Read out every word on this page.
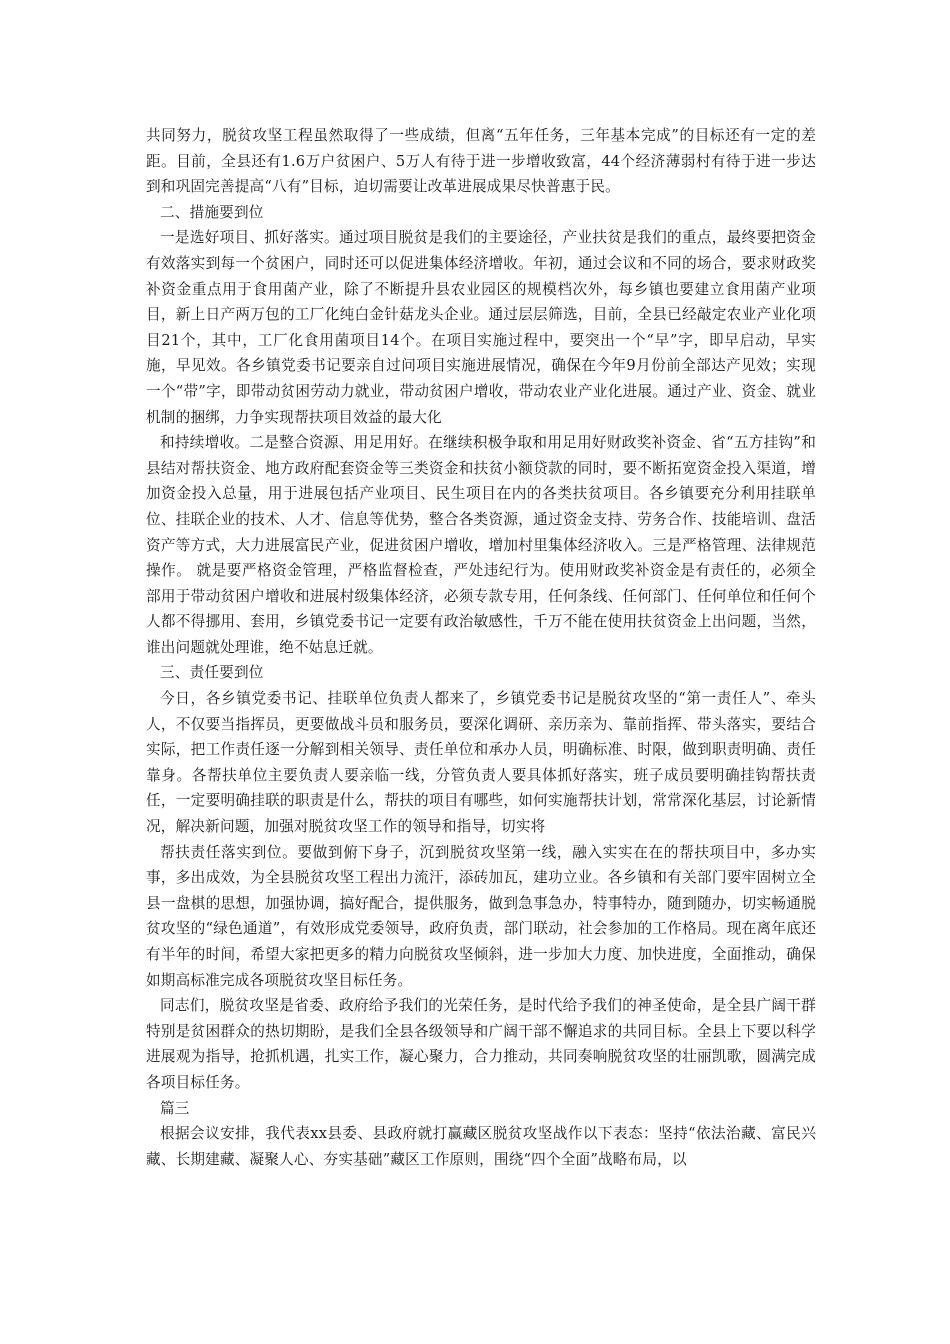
共同努力，脱贫攻坚工程虽然取得了一些成绩，但离“五年任务，三年基本完成”的目标还有一定的差距。目前，全县还有1.6万户贫困户、5万人有待于进一步增收致富，44个经济薄弱村有待于进一步达到和巩固完善提高“八有”目标，迫切需要让改革进展成果尽快普惠于民。

二、措施要到位

一是选好项目、抓好落实。通过项目脱贫是我们的主要途径，产业扶贫是我们的重点，最终要把资金有效落实到每一个贫困户，同时还可以促进集体经济增收。年初，通过会议和不同的场合，要求财政奖补资金重点用于食用菌产业，除了不断提升县农业园区的规模档次外，每乡镇也要建立食用菌产业项目，新上日产两万包的工厂化纯白金针菇龙头企业。通过层层筛选，目前，全县已经敲定农业产业化项目21个，其中，工厂化食用菌项目14个。在项目实施过程中，要突出一个“早”字，即早启动，早实施，早见效。各乡镇党委书记要亲自过问项目实施进展情况，确保在今年9月份前全部达产见效；实现一个“带”字，即带动贫困劳动力就业，带动贫困户增收，带动农业产业化进展。通过产业、资金、就业机制的捆绑，力争实现帮扶项目效益的最大化

和持续增收。二是整合资源、用足用好。在继续积极争取和用足用好财政奖补资金、省“五方挂钩”和县结对帮扶资金、地方政府配套资金等三类资金和扶贫小额贷款的同时，要不断拓宽资金投入渠道，增加资金投入总量，用于进展包括产业项目、民生项目在内的各类扶贫项目。各乡镇要充分利用挂联单位、挂联企业的技术、人才、信息等优势，整合各类资源，通过资金支持、劳务合作、技能培训、盘活资产等方式，大力进展富民产业，促进贫困户增收，增加村里集体经济收入。三是严格管理、法律规范操作。 就是要严格资金管理，严格监督检查，严处违纪行为。使用财政奖补资金是有责任的，必须全部用于带动贫困户增收和进展村级集体经济，必须专款专用，任何条线、任何部门、任何单位和任何个人都不得挪用、套用，乡镇党委书记一定要有政治敏感性，千万不能在使用扶贫资金上出问题，当然，谁出问题就处理谁，绝不姑息迁就。

三、责任要到位

今日，各乡镇党委书记、挂联单位负责人都来了，乡镇党委书记是脱贫攻坚的“第一责任人”、牵头人，不仅要当指挥员，更要做战斗员和服务员，要深化调研、亲历亲为、靠前指挥、带头落实，要结合实际，把工作责任逐一分解到相关领导、责任单位和承办人员，明确标准、时限，做到职责明确、责任靠身。各帮扶单位主要负责人要亲临一线，分管负责人要具体抓好落实，班子成员要明确挂钩帮扶责任，一定要明确挂联的职责是什么，帮扶的项目有哪些，如何实施帮扶计划，常常深化基层，讨论新情况，解决新问题，加强对脱贫攻坚工作的领导和指导，切实将

帮扶责任落实到位。要做到俯下身子，沉到脱贫攻坚第一线，融入实实在在的帮扶项目中，多办实事，多出成效，为全县脱贫攻坚工程出力流汗，添砖加瓦，建功立业。各乡镇和有关部门要牢固树立全县一盘棋的思想，加强协调，搞好配合，提供服务，做到急事急办，特事特办，随到随办，切实畅通脱贫攻坚的“绿色通道”，有效形成党委领导，政府负责，部门联动，社会参加的工作格局。现在离年底还有半年的时间，希望大家把更多的精力向脱贫攻坚倾斜，进一步加大力度、加快进度，全面推动，确保如期高标准完成各项脱贫攻坚目标任务。

同志们，脱贫攻坚是省委、政府给予我们的光荣任务，是时代给予我们的神圣使命，是全县广阔干群特别是贫困群众的热切期盼，是我们全县各级领导和广阔干部不懈追求的共同目标。全县上下要以科学进展观为指导，抢抓机遇，扎实工作，凝心聚力，合力推动，共同奏响脱贫攻坚的壮丽凯歌，圆满完成各项目标任务。

篇三

根据会议安排，我代表xx县委、县政府就打赢藏区脱贫攻坚战作以下表态：坚持“依法治藏、富民兴藏、长期建藏、凝聚人心、夯实基础”藏区工作原则，围绕“四个全面”战略布局，以
